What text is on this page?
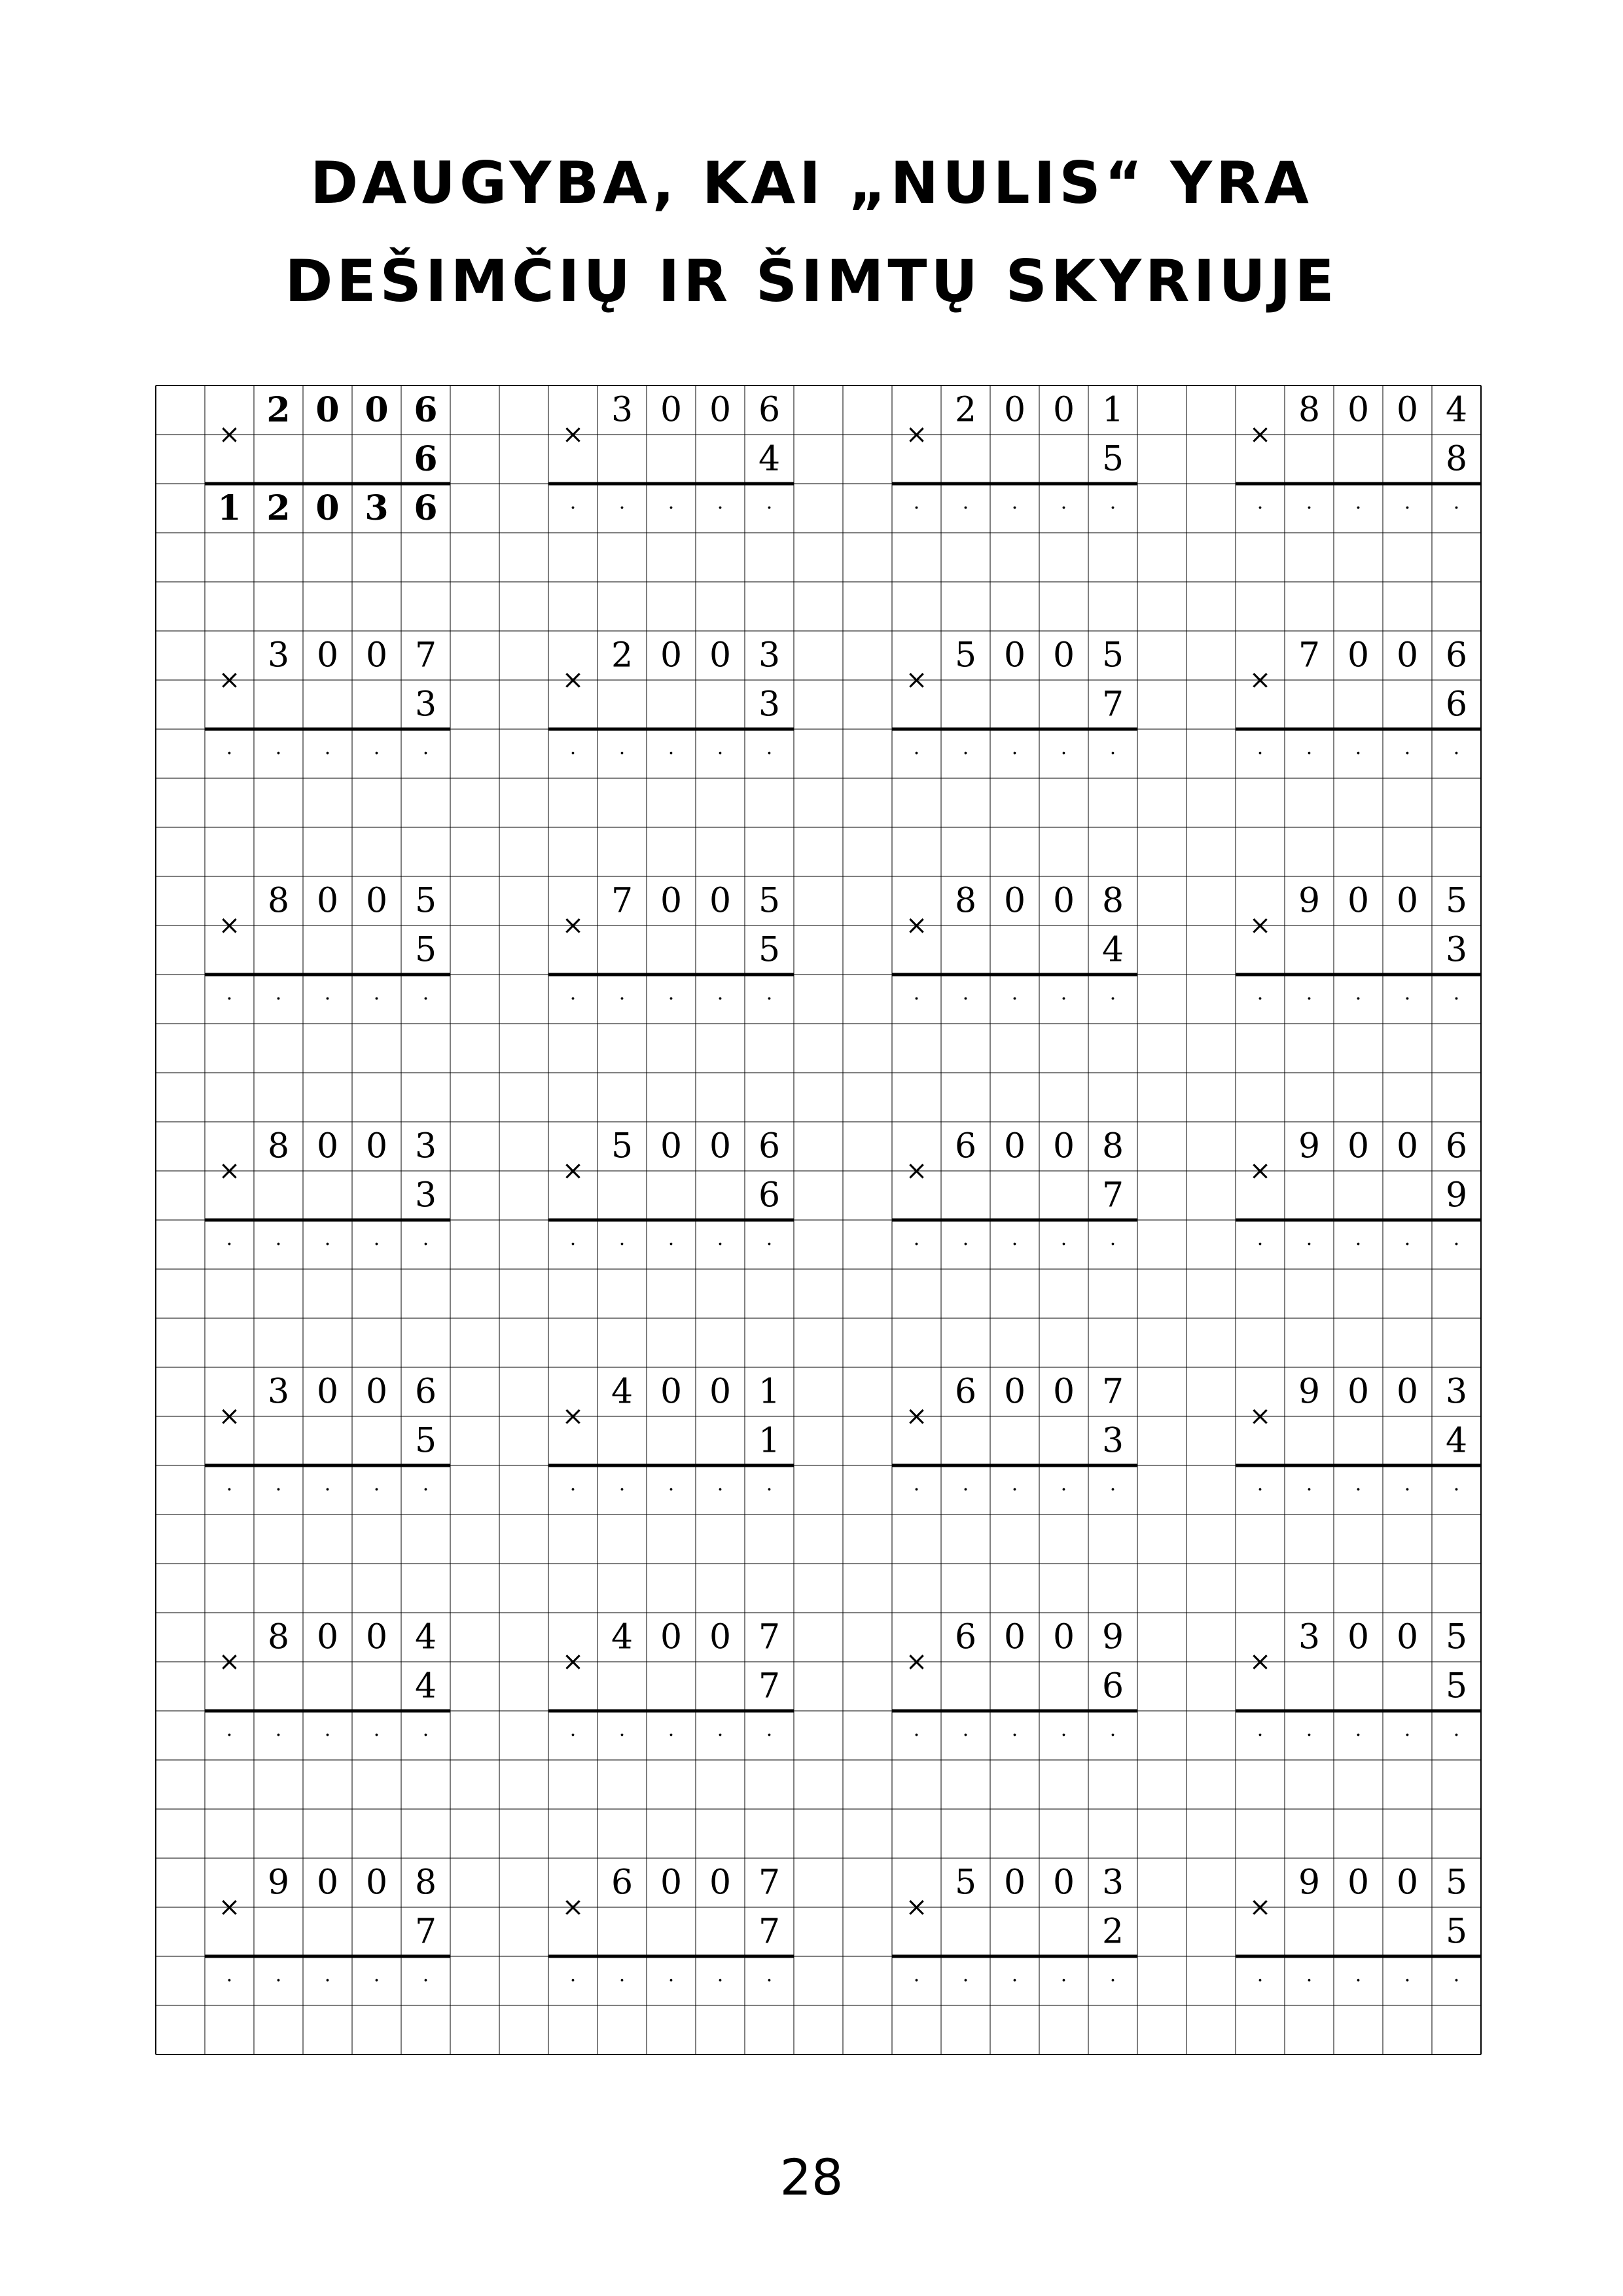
DAUGYBA, KAI „NULIS“ YRA
DEŠIMČIŲ IR ŠIMTŲ SKYRIUJE
×
2 0 0 6
6
1 2 0 3 6
×
3 0 0 6
4
· · · · ·
×
2 0 0 1
5
· · · · ·
×
8 0 0 4
8
· · · · ·
×
3 0 0 7
3
· · · · ·
×
2 0 0 3
3
· · · · ·
×
5 0 0 5
7
· · · · ·
×
7 0 0 6
6
· · · · ·
×
8 0 0 5
5
· · · · ·
×
7 0 0 5
5
· · · · ·
×
8 0 0 8
4
· · · · ·
×
9 0 0 5
3
· · · · ·
×
8 0 0 3
3
· · · · ·
×
5 0 0 6
6
· · · · ·
×
6 0 0 8
7
· · · · ·
×
9 0 0 6
9
· · · · ·
×
3 0 0 6
5
· · · · ·
×
4 0 0 1
1
· · · · ·
×
6 0 0 7
3
· · · · ·
×
9 0 0 3
4
· · · · ·
×
8 0 0 4
4
· · · · ·
×
4 0 0 7
7
· · · · ·
×
6 0 0 9
6
· · · · ·
×
3 0 0 5
5
· · · · ·
×
9 0 0 8
7
· · · · ·
×
6 0 0 7
7
· · · · ·
×
5 0 0 3
2
· · · · ·
×
9 0 0 5
5
· · · · ·
28
